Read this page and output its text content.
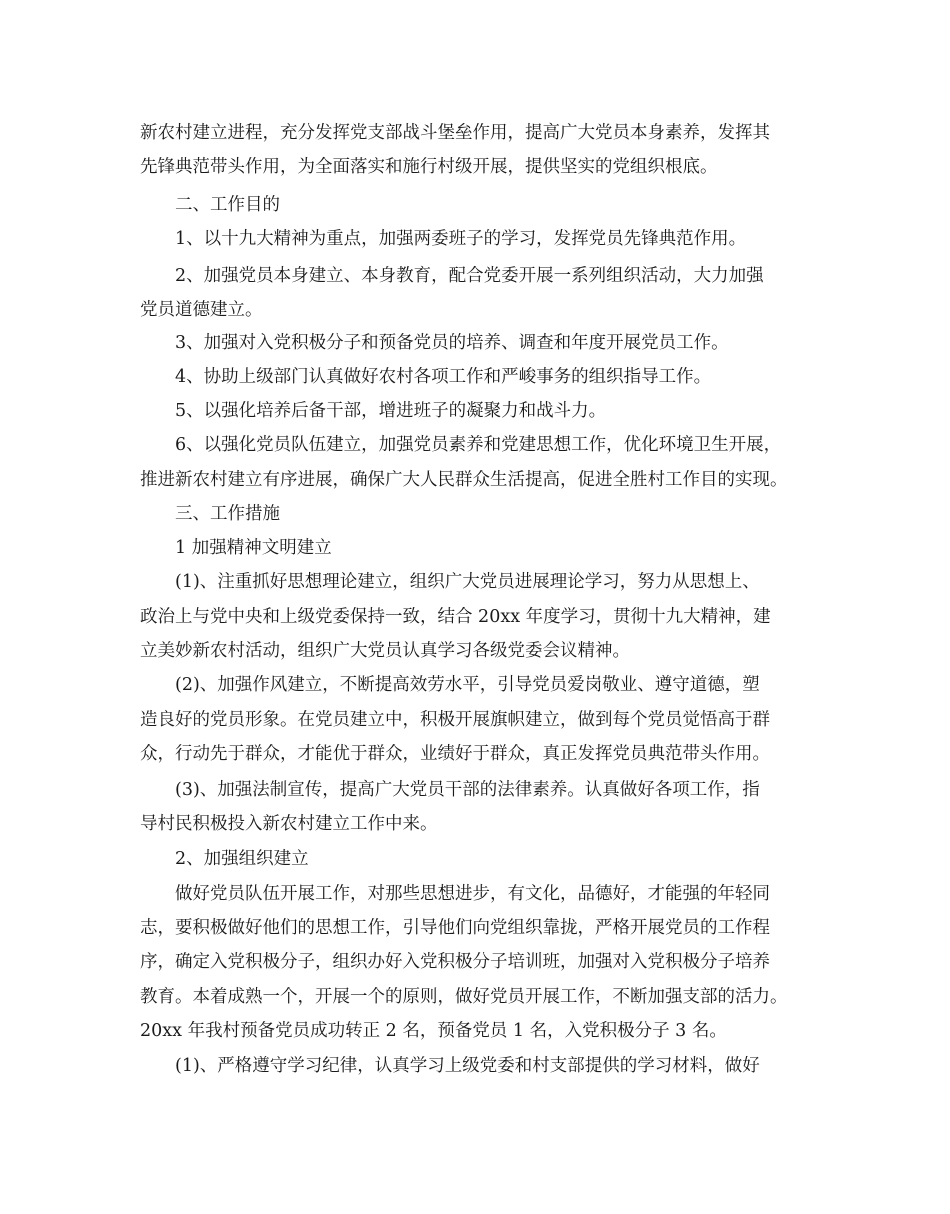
新农村建立进程，充分发挥党支部战斗堡垒作用，提高广大党员本身素养，发挥其
先锋典范带头作用，为全面落实和施行村级开展，提供坚实的党组织根底。
二、工作目的
1、以十九大精神为重点，加强两委班子的学习，发挥党员先锋典范作用。
2、加强党员本身建立、本身教育，配合党委开展一系列组织活动，大力加强
党员道德建立。
3、加强对入党积极分子和预备党员的培养、调查和年度开展党员工作。
4、协助上级部门认真做好农村各项工作和严峻事务的组织指导工作。
5、以强化培养后备干部，增进班子的凝聚力和战斗力。
6、以强化党员队伍建立，加强党员素养和党建思想工作，优化环境卫生开展，
推进新农村建立有序进展，确保广大人民群众生活提高，促进全胜村工作目的实现。
三、工作措施
1 加强精神文明建立
(1)、注重抓好思想理论建立，组织广大党员进展理论学习，努力从思想上、
政治上与党中央和上级党委保持一致，结合 20xx 年度学习，贯彻十九大精神，建
立美妙新农村活动，组织广大党员认真学习各级党委会议精神。
(2)、加强作风建立，不断提高效劳水平，引导党员爱岗敬业、遵守道德，塑
造良好的党员形象。在党员建立中，积极开展旗帜建立，做到每个党员觉悟高于群
众，行动先于群众，才能优于群众，业绩好于群众，真正发挥党员典范带头作用。
(3)、加强法制宣传，提高广大党员干部的法律素养。认真做好各项工作，指
导村民积极投入新农村建立工作中来。
2、加强组织建立
做好党员队伍开展工作，对那些思想进步，有文化，品德好，才能强的年轻同
志，要积极做好他们的思想工作，引导他们向党组织靠拢，严格开展党员的工作程
序，确定入党积极分子，组织办好入党积极分子培训班，加强对入党积极分子培养
教育。本着成熟一个，开展一个的原则，做好党员开展工作，不断加强支部的活力。
20xx 年我村预备党员成功转正 2 名，预备党员 1 名，入党积极分子 3 名。
(1)、严格遵守学习纪律，认真学习上级党委和村支部提供的学习材料，做好
